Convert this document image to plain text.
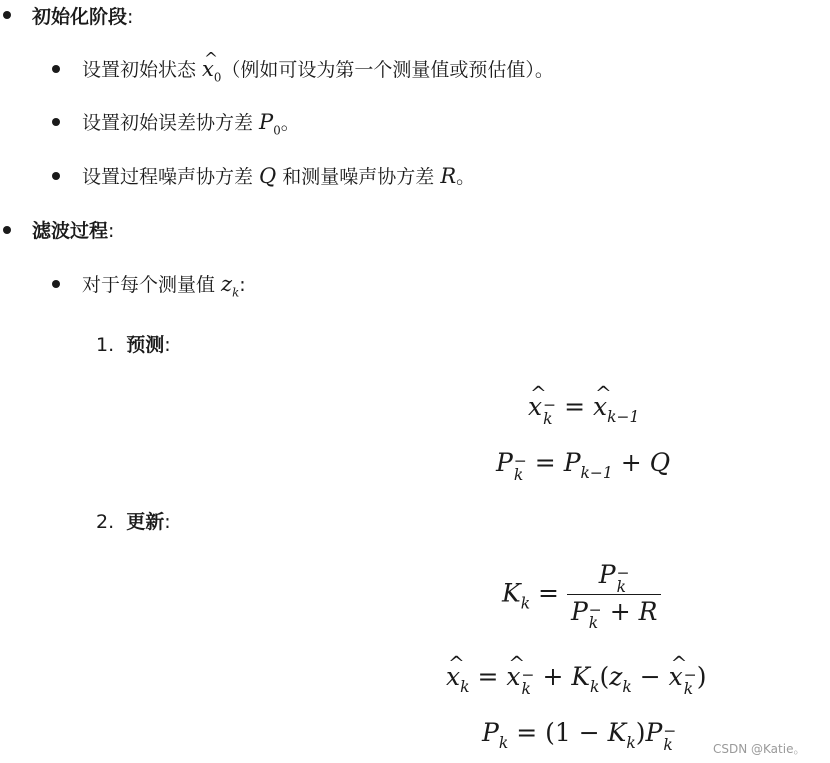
初始化阶段:
设置初始状态 ^ $x_0$（例如可设为第一个测量值或预估值）。
设置初始误差协方差 $P_0$。
设置过程噪声协方差 Q 和测量噪声协方差 R。
滤波过程:
对于每个测量值 $z_k$:
1. 预测:
^ x −
k = ^ $x_{k-1}$
P −
$k = P_{k-1} + Q$
2. 更新:
$K_k = P$ −
k
P −
k + R
^ $x_k$ = ^ x −
$k + K_k(z_k$ − ^ x −
k )
$P_k = (1 - K_k)P$ −
k	CSDN @Katie。
